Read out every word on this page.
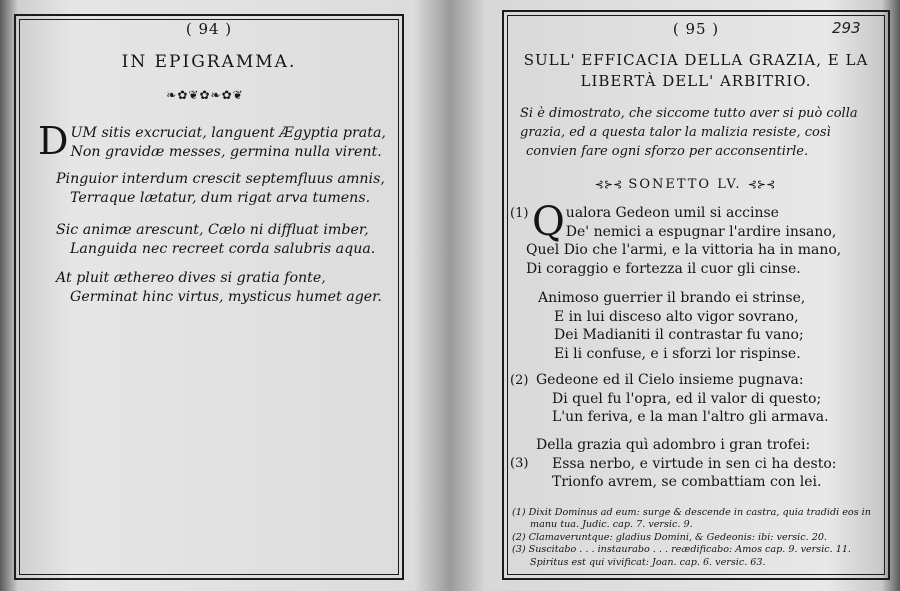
( 94 )
IN EPIGRAMMA.
❧✿❦✿❧✿❦
D UM sitis excruciat, languent Ægyptia prata,
Non gravidæ messes, germina nulla virent.
Pinguior interdum crescit septemfluus amnis,
Terraque lætatur, dum rigat arva tumens.
Sic animæ arescunt, Cælo ni diffluat imber,
Languida nec recreet corda salubris aqua.
At pluit æthereo dives si gratia fonte,
Germinat hinc virtus, mysticus humet ager.
( 95 )	293
SULL' EFFICACIA DELLA GRAZIA, E LA
LIBERTÀ DELL' ARBITRIO.
Si è dimostrato, che siccome tutto aver si può colla
grazia, ed a questa talor la malizia resiste, così
convien fare ogni sforzo per acconsentirle.
⊰⊱⊰ SONETTO LV. ⊰⊱⊰
(1) Q ualora Gedeon umil si accinse
De' nemici a espugnar l'ardire insano,
Quel Dio che l'armi, e la vittoria ha in mano,
Di coraggio e fortezza il cuor gli cinse.
Animoso guerrier il brando ei strinse,
E in lui disceso alto vigor sovrano,
Dei Madianiti il contrastar fu vano;
Ei li confuse, e i sforzi lor rispinse.
(2) Gedeone ed il Cielo insieme pugnava:
Di quel fu l'opra, ed il valor di questo;
L'un feriva, e la man l'altro gli armava.
(3)
Della grazia quì adombro i gran trofei:
Essa nerbo, e virtude in sen ci ha desto:
Trionfo avrem, se combattiam con lei.
(1) Dixit Dominus ad eum: surge & descende in castra, quia tradidi eos in
manu tua. Judic. cap. 7. versic. 9.
(2) Clamaveruntque: gladius Domini, & Gedeonis: ibi: versic. 20.
(3) Suscitabo . . . instaurabo . . . reædificabo: Amos cap. 9. versic. 11.
Spiritus est qui vivificat: Joan. cap. 6. versic. 63.
